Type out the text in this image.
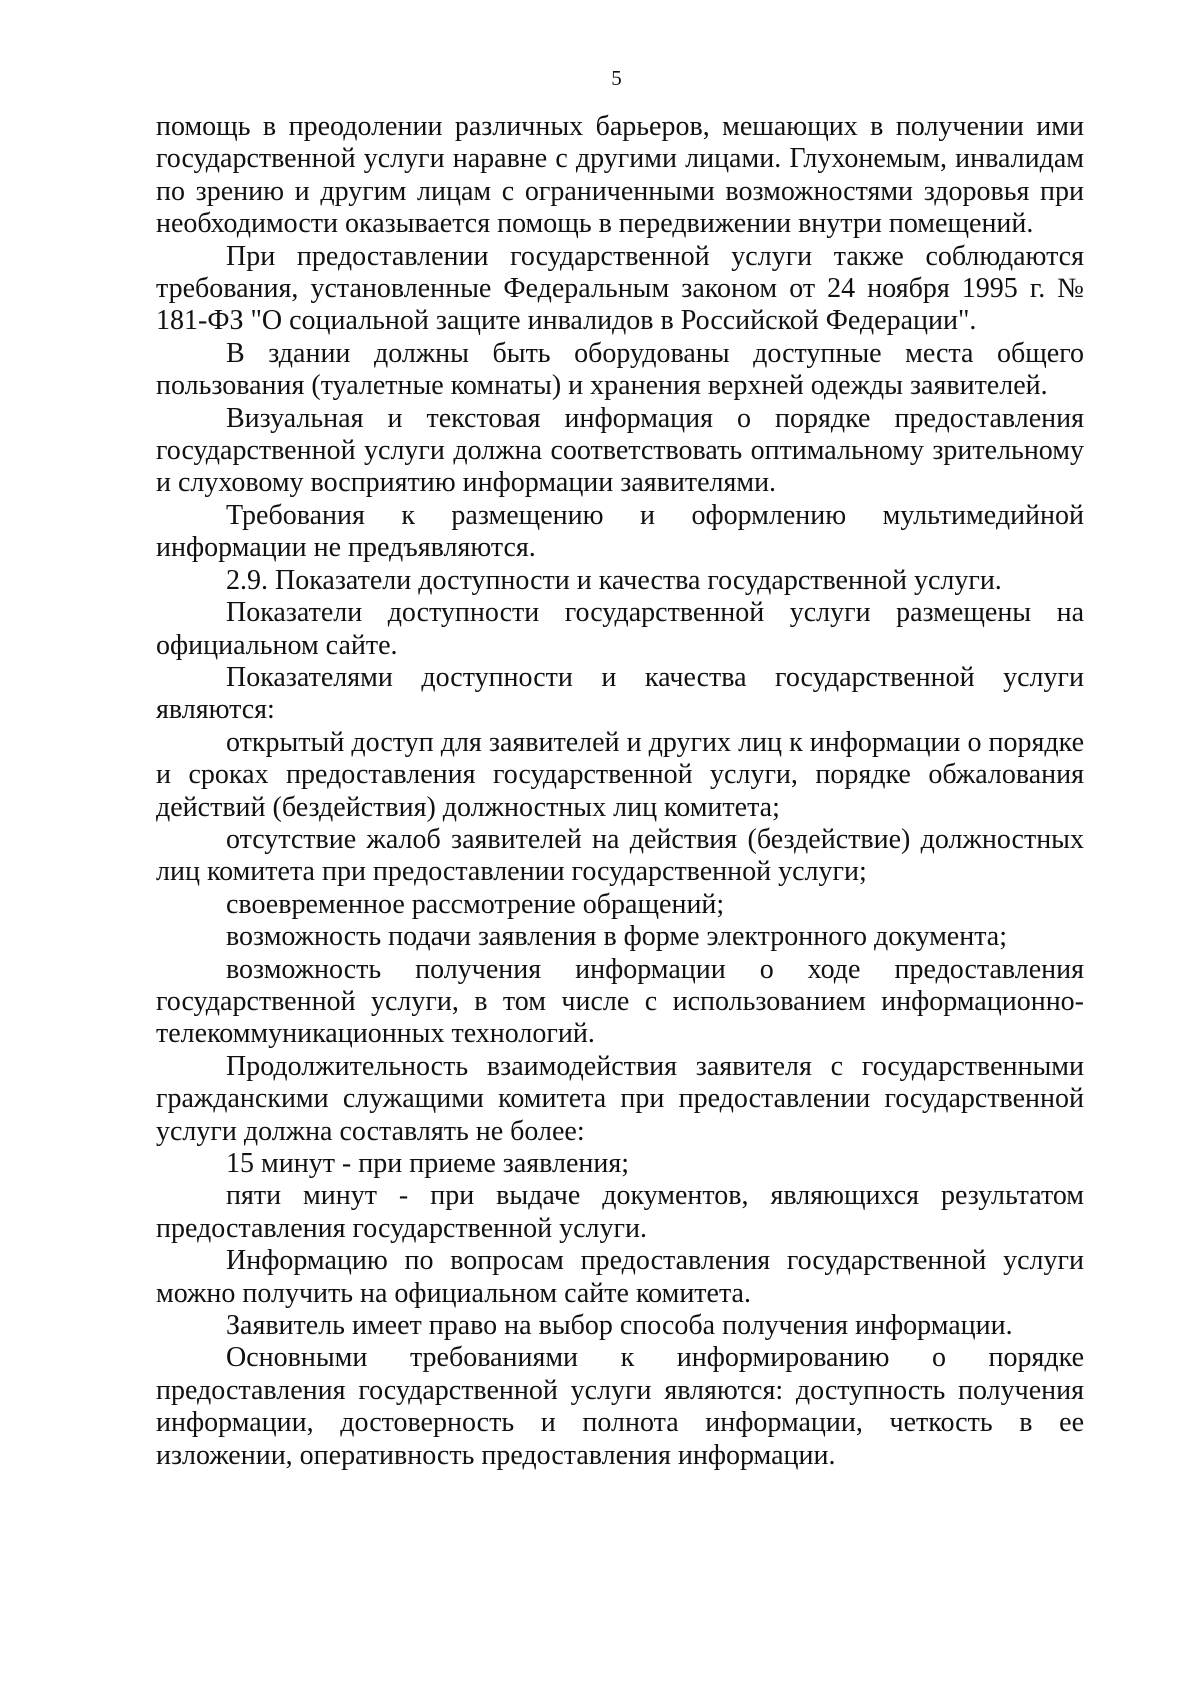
5

помощь в преодолении различных барьеров, мешающих в получении ими государственной услуги наравне с другими лицами. Глухонемым, инвалидам по зрению и другим лицам с ограниченными возможностями здоровья при необходимости оказывается помощь в передвижении внутри помещений.

При предоставлении государственной услуги также соблюдаются требования, установленные Федеральным законом от 24 ноября 1995 г. № 181-ФЗ "О социальной защите инвалидов в Российской Федерации".

В здании должны быть оборудованы доступные места общего пользования (туалетные комнаты) и хранения верхней одежды заявителей.

Визуальная и текстовая информация о порядке предоставления государственной услуги должна соответствовать оптимальному зрительному и слуховому восприятию информации заявителями.

Требования к размещению и оформлению мультимедийной информации не предъявляются.

2.9. Показатели доступности и качества государственной услуги.

Показатели доступности государственной услуги размещены на официальном сайте.

Показателями доступности и качества государственной услуги являются:

открытый доступ для заявителей и других лиц к информации о порядке и сроках предоставления государственной услуги, порядке обжалования действий (бездействия) должностных лиц комитета;

отсутствие жалоб заявителей на действия (бездействие) должностных лиц комитета при предоставлении государственной услуги;

своевременное рассмотрение обращений;

возможность подачи заявления в форме электронного документа;

возможность получения информации о ходе предоставления государственной услуги, в том числе с использованием информационно-телекоммуникационных технологий.

Продолжительность взаимодействия заявителя с государственными гражданскими служащими комитета при предоставлении государственной услуги должна составлять не более:

15 минут - при приеме заявления;

пяти минут - при выдаче документов, являющихся результатом предоставления государственной услуги.

Информацию по вопросам предоставления государственной услуги можно получить на официальном сайте комитета.

Заявитель имеет право на выбор способа получения информации.

Основными требованиями к информированию о порядке предоставления государственной услуги являются: доступность получения информации, достоверность и полнота информации, четкость в ее изложении, оперативность предоставления информации.
